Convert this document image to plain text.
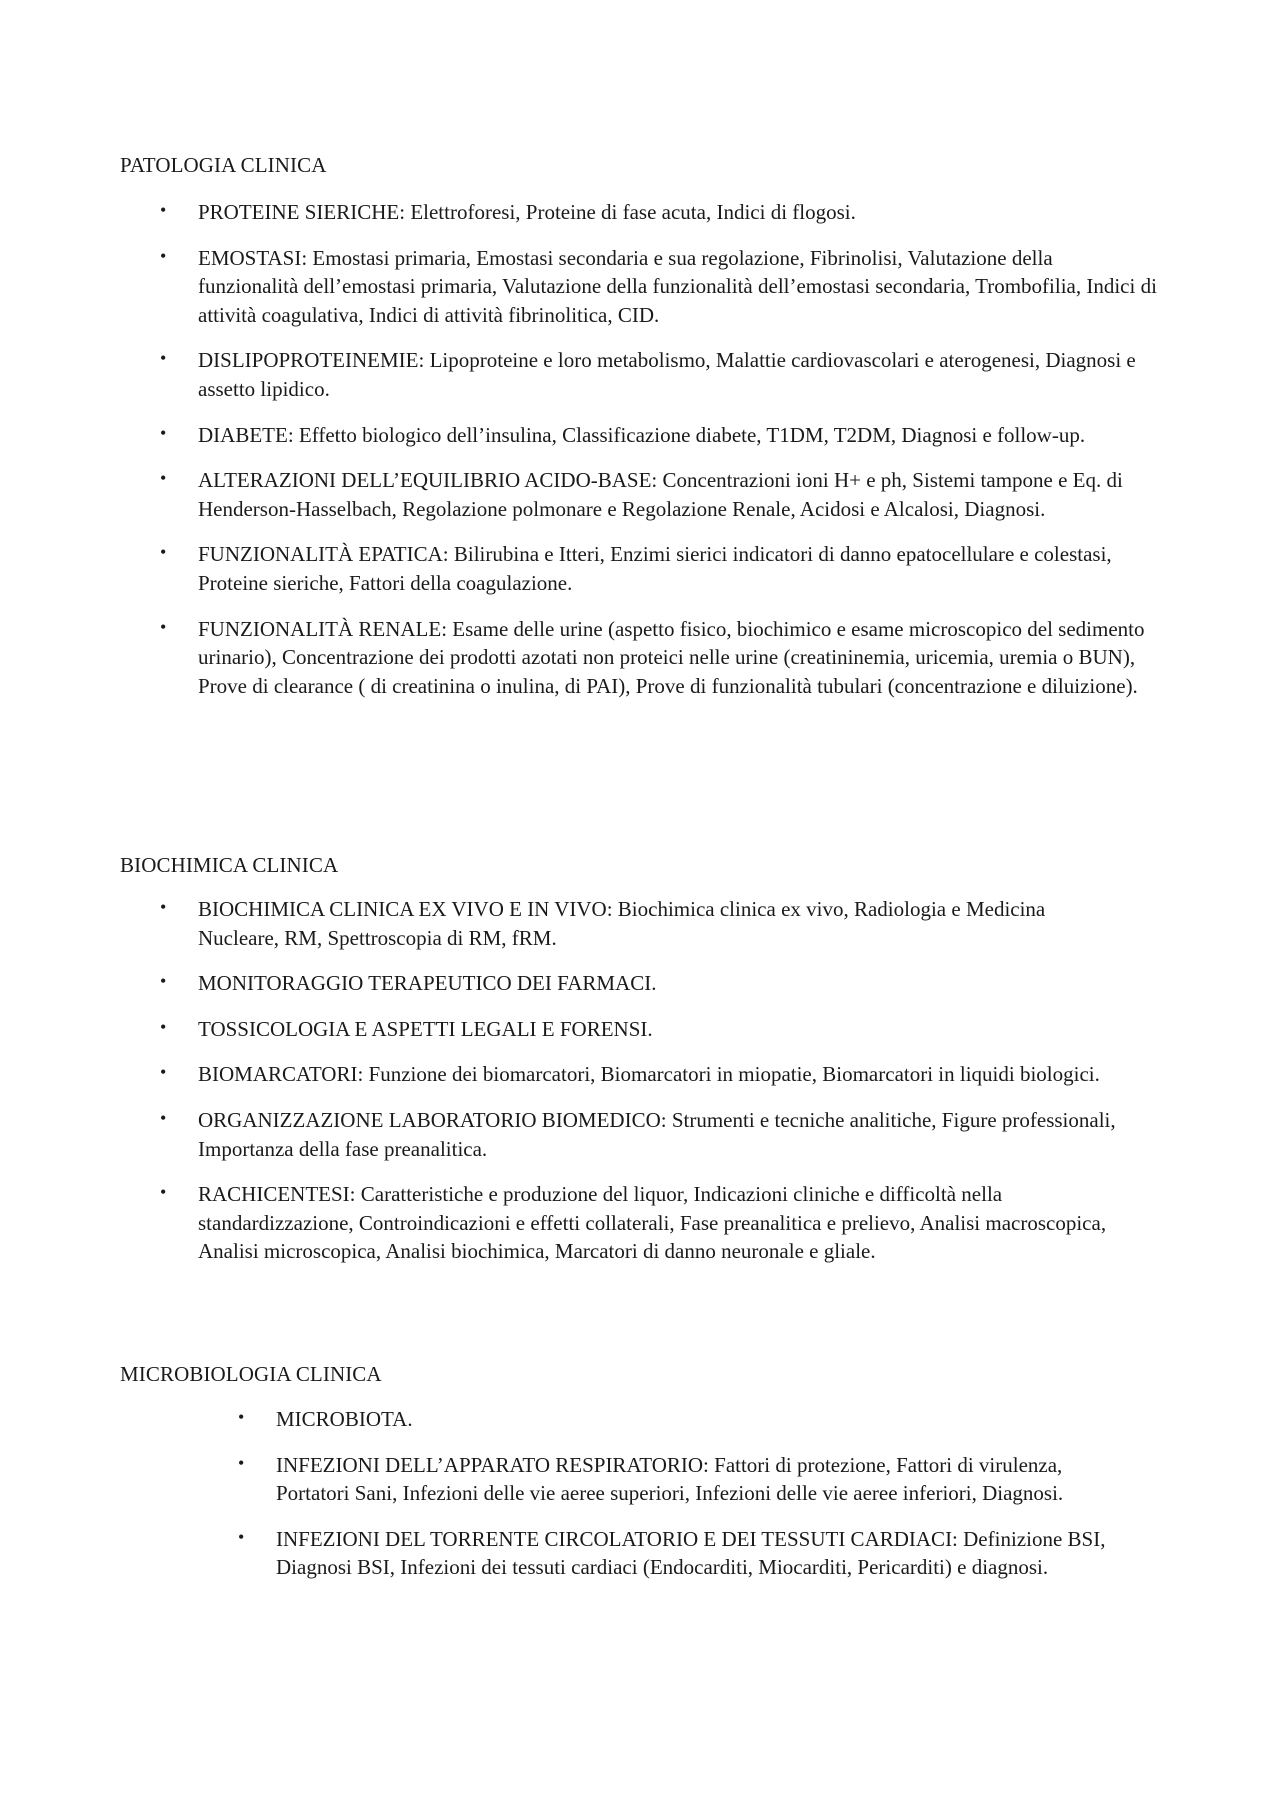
PATOLOGIA CLINICA
• PROTEINE SIERICHE: Elettroforesi, Proteine di fase acuta, Indici di flogosi.
• EMOSTASI: Emostasi primaria, Emostasi secondaria e sua regolazione, Fibrinolisi, Valutazione della funzionalità dell’emostasi primaria, Valutazione della funzionalità dell’emostasi secondaria, Trombofilia, Indici di attività coagulativa, Indici di attività fibrinolitica, CID.
• DISLIPOPROTEINEMIE: Lipoproteine e loro metabolismo, Malattie cardiovascolari e aterogenesi, Diagnosi e assetto lipidico.
• DIABETE: Effetto biologico dell’insulina, Classificazione diabete, T1DM, T2DM, Diagnosi e follow-up.
• ALTERAZIONI DELL’EQUILIBRIO ACIDO-BASE: Concentrazioni ioni H+ e ph, Sistemi tampone e Eq. di Henderson-Hasselbach, Regolazione polmonare e Regolazione Renale, Acidosi e Alcalosi, Diagnosi.
• FUNZIONALITÀ EPATICA: Bilirubina e Itteri, Enzimi sierici indicatori di danno epatocellulare e colestasi, Proteine sieriche, Fattori della coagulazione.
• FUNZIONALITÀ RENALE: Esame delle urine (aspetto fisico, biochimico e esame microscopico del sedimento urinario), Concentrazione dei prodotti azotati non proteici nelle urine (creatininemia, uricemia, uremia o BUN), Prove di clearance ( di creatinina o inulina, di PAI), Prove di funzionalità tubulari (concentrazione e diluizione).
BIOCHIMICA CLINICA
• BIOCHIMICA CLINICA EX VIVO E IN VIVO: Biochimica clinica ex vivo, Radiologia e Medicina Nucleare, RM, Spettroscopia di RM, fRM.
• MONITORAGGIO TERAPEUTICO DEI FARMACI.
• TOSSICOLOGIA E ASPETTI LEGALI E FORENSI.
• BIOMARCATORI: Funzione dei biomarcatori, Biomarcatori in miopatie, Biomarcatori in liquidi biologici.
• ORGANIZZAZIONE LABORATORIO BIOMEDICO: Strumenti e tecniche analitiche, Figure professionali, Importanza della fase preanalitica.
• RACHICENTESI: Caratteristiche e produzione del liquor, Indicazioni cliniche e difficoltà nella standardizzazione, Controindicazioni e effetti collaterali, Fase preanalitica e prelievo, Analisi macroscopica, Analisi microscopica, Analisi biochimica, Marcatori di danno neuronale e gliale.
MICROBIOLOGIA CLINICA
• MICROBIOTA.
• INFEZIONI DELL’APPARATO RESPIRATORIO: Fattori di protezione, Fattori di virulenza, Portatori Sani, Infezioni delle vie aeree superiori, Infezioni delle vie aeree inferiori, Diagnosi.
• INFEZIONI DEL TORRENTE CIRCOLATORIO E DEI TESSUTI CARDIACI: Definizione BSI, Diagnosi BSI, Infezioni dei tessuti cardiaci (Endocarditi, Miocarditi, Pericarditi) e diagnosi.
